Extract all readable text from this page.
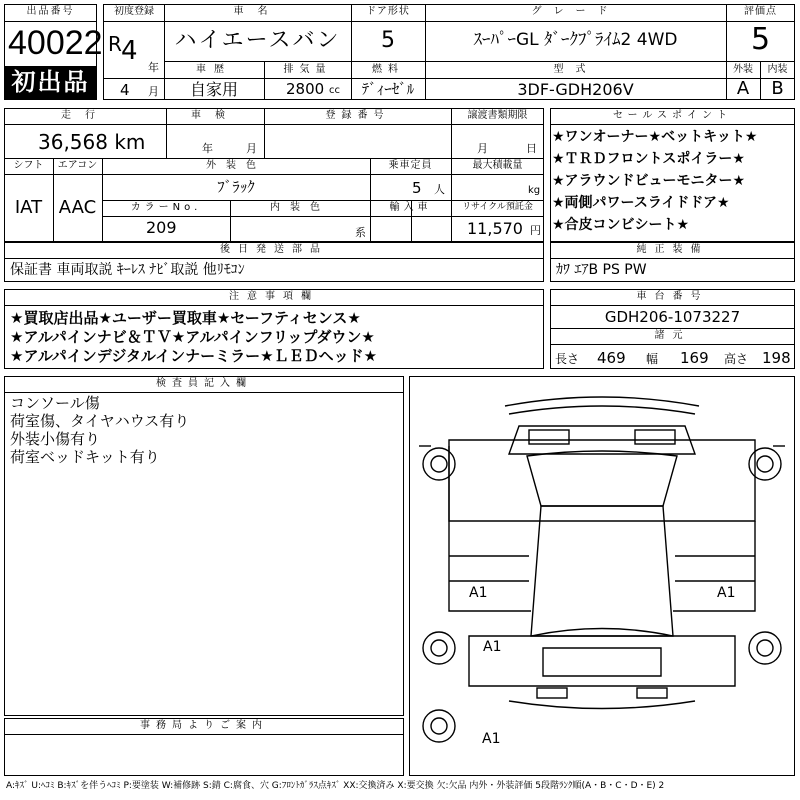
出品番号
40022
初出品
初度登録
R 4
年
4 月
車名
ハイエースバン
ドア形状
5
グレード
ｽｰﾊﾟｰGL ﾀﾞｰｸﾌﾟﾗｲﾑ2 4WD
評価点
5
車歴
自家用
排気量
2800 cc
燃料
ﾃﾞｨｰｾﾞﾙ
型式
3DF-GDH206V
外装	内装
A	B
走行
36,568 km
車検
年	月
登録番号	譲渡書類期限
月	日
シフト
IAT
エアコン
AAC
外装色
ﾌﾞﾗｯｸ
乗車定員
5 人
最大積載量
kg
カラーNo.
209
内装色
系
輸入車	リサイクル預託金
11,570 円
セールスポイント
★ワンオーナー★ベットキット★
★ＴＲＤフロントスポイラー★
★アラウンドビューモニター★
★両側パワースライドドア★
★合皮コンビシート★
後日発送部品
保証書 車両取説 ｷｰﾚｽ ﾅﾋﾞ取説 他ﾘﾓｺﾝ
純正装備
ｶﾜ ｴｱB PS PW
注意事項欄
★買取店出品★ユーザー買取車★セーフティセンス★
★アルパインナビ＆ＴＶ★アルパインフリップダウン★
★アルパインデジタルインナーミラー★ＬＥＤヘッド★
車台番号
GDH206-1073227
諸元
長さ 469 幅 169 高さ 198
検査員記入欄
コンソール傷
荷室傷、タイヤハウス有り
外装小傷有り
荷室ベッドキット有り
事務局よりご案内
A1	A1
A1
A1
A:ｷｽﾞ U:ﾍｺﾐ B:ｷｽﾞを伴うﾍｺﾐ P:要塗装 W:補修跡 S:錆 C:腐食、穴 G:ﾌﾛﾝﾄｶﾞﾗｽ点ｷｽﾞ XX:交換済み X:要交換 欠:欠品 内外・外装評価 5段階ﾗﾝｸ順(A・B・C・D・E) 2
